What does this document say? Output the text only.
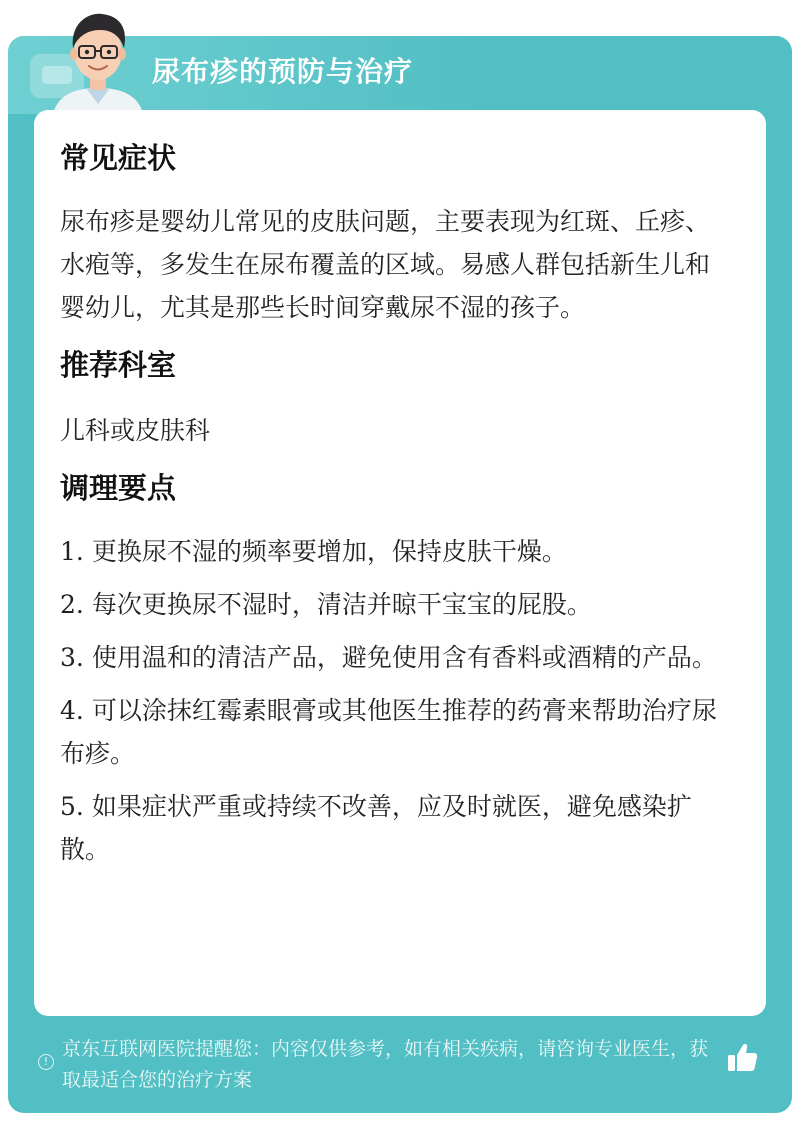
尿布疹的预防与治疗
常见症状

尿布疹是婴幼儿常见的皮肤问题，主要表现为红斑、丘疹、水疱等，多发生在尿布覆盖的区域。易感人群包括新生儿和婴幼儿，尤其是那些长时间穿戴尿不湿的孩子。

推荐科室

儿科或皮肤科

调理要点
1. 更换尿不湿的频率要增加，保持皮肤干燥。
2. 每次更换尿不湿时，清洁并晾干宝宝的屁股。
3. 使用温和的清洁产品，避免使用含有香料或酒精的产品。
4. 可以涂抹红霉素眼膏或其他医生推荐的药膏来帮助治疗尿布疹。
5. 如果症状严重或持续不改善，应及时就医，避免感染扩散。
!

京东互联网医院提醒您：内容仅供参考，如有相关疾病，请咨询专业医生，获取最适合您的治疗方案
